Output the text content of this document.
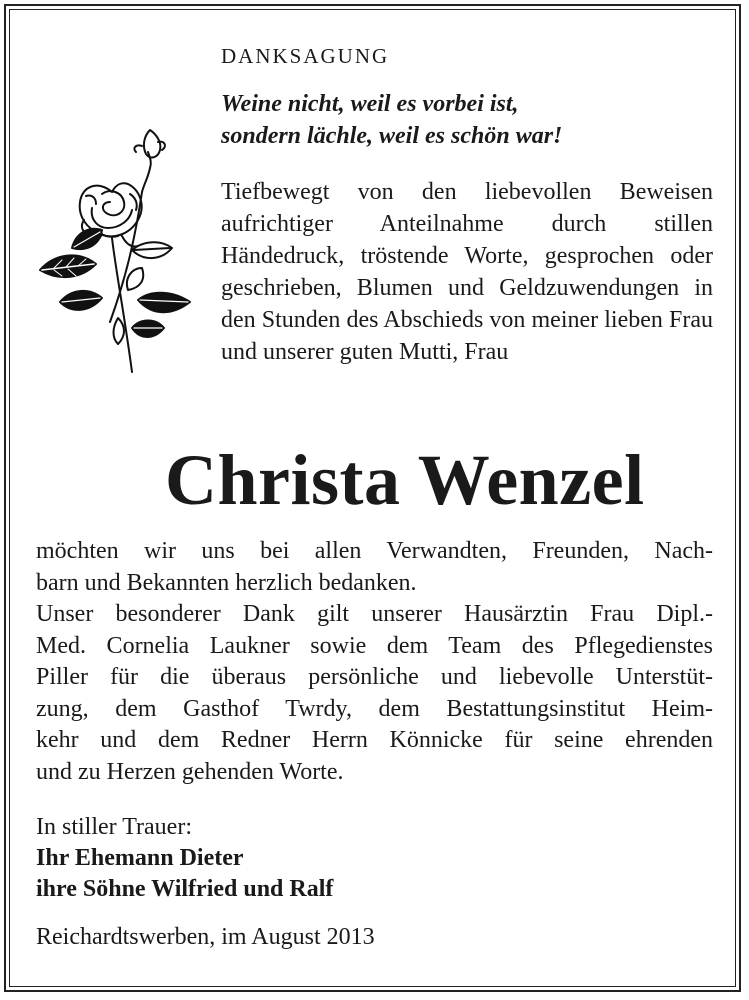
DANKSAGUNG

Weine nicht, weil es vorbei ist,
sondern lächle, weil es schön war!

Tiefbewegt von den liebevollen Beweisen aufrichtiger Anteilnahme durch stillen Händedruck, tröstende Worte, gesprochen oder geschrieben, Blumen und Geldzuwendungen in den Stunden des Abschieds von meiner lieben Frau und unserer guten Mutti, Frau

Christa Wenzel

möchten wir uns bei allen Verwandten, Freunden, Nach-
barn und Bekannten herzlich bedanken.
Unser besonderer Dank gilt unserer Hausärztin Frau Dipl.-
Med. Cornelia Laukner sowie dem Team des Pflegedienstes
Piller für die überaus persönliche und liebevolle Unterstüt-
zung, dem Gasthof Twrdy, dem Bestattungsinstitut Heim-
kehr und dem Redner Herrn Könnicke für seine ehrenden
und zu Herzen gehenden Worte.

In stiller Trauer:
Ihr Ehemann Dieter
ihre Söhne Wilfried und Ralf

Reichardtswerben, im August 2013
